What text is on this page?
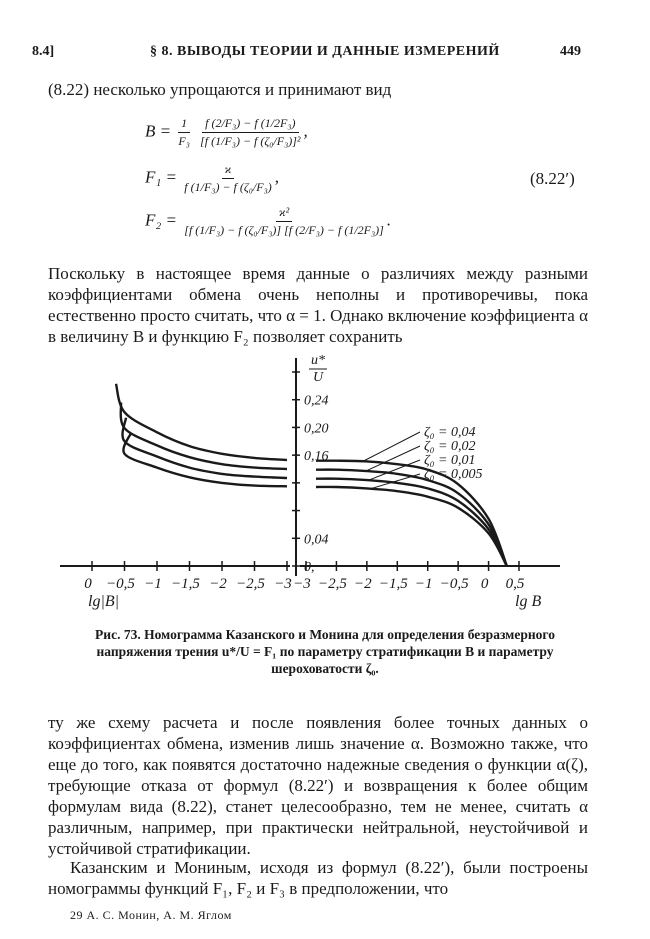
8.4]	§ 8. ВЫВОДЫ ТЕОРИИ И ДАННЫЕ ИЗМЕРЕНИЙ	449
(8.22) несколько упрощаются и принимают вид
$B = \frac{1}{\text{F₃}}$
$\frac{\text{f (2/F₃) − f (1/2F₃)}}{\text{[f (1/F₃) − f (ζ₀/F₃)]²}}$ ,
$F_1 = \frac{ϰ}{\text{f (1/F₃) − f (ζ₀/F₃)}}$ ,
$F_2 = \frac{\text{ϰ²}}{\text{[f (1/F₃) − f (ζ₀/F₃)] [f (2/F₃) − f (1/2F₃)]}}$ .
(8.22′)
Поскольку в настоящее время данные о различиях между разными коэффициентами обмена очень неполны и противоречивы, пока естественно просто считать, что α = 1. Однако включение коэффициента α в величину B и функцию F₂ позволяет сохранить
0 −0,5 −1 −1,5 −2 −2,5 −3 −3 −2,5 −2 −1,5 −1 −0,5 0 0,5
0,24
0,20
0,16
0,04
0,
u*
U
lg|B|	lg B
ζ₀ = 0,04
ζ₀ = 0,02
ζ₀ = 0,01
ζ₀ = 0,005
Рис. 73. Номограмма Казанского и Монина для определения безразмерного напряжения трения u*/U = F₁ по параметру стратификации B и параметру шероховатости ζ₀.
ту же схему расчета и после появления более точных данных о коэффициентах обмена, изменив лишь значение α. Возможно также, что еще до того, как появятся достаточно надежные сведения о функции α(ζ), требующие отказа от формул (8.22′) и возвращения к более общим формулам вида (8.22), станет целесообразно, тем не менее, считать α различным, например, при практически нейтральной, неустойчивой и устойчивой стратификации.
Казанским и Мониным, исходя из формул (8.22′), были построены номограммы функций F₁, F₂ и F₃ в предположении, что
29 А. С. Монин, А. М. Яглом
